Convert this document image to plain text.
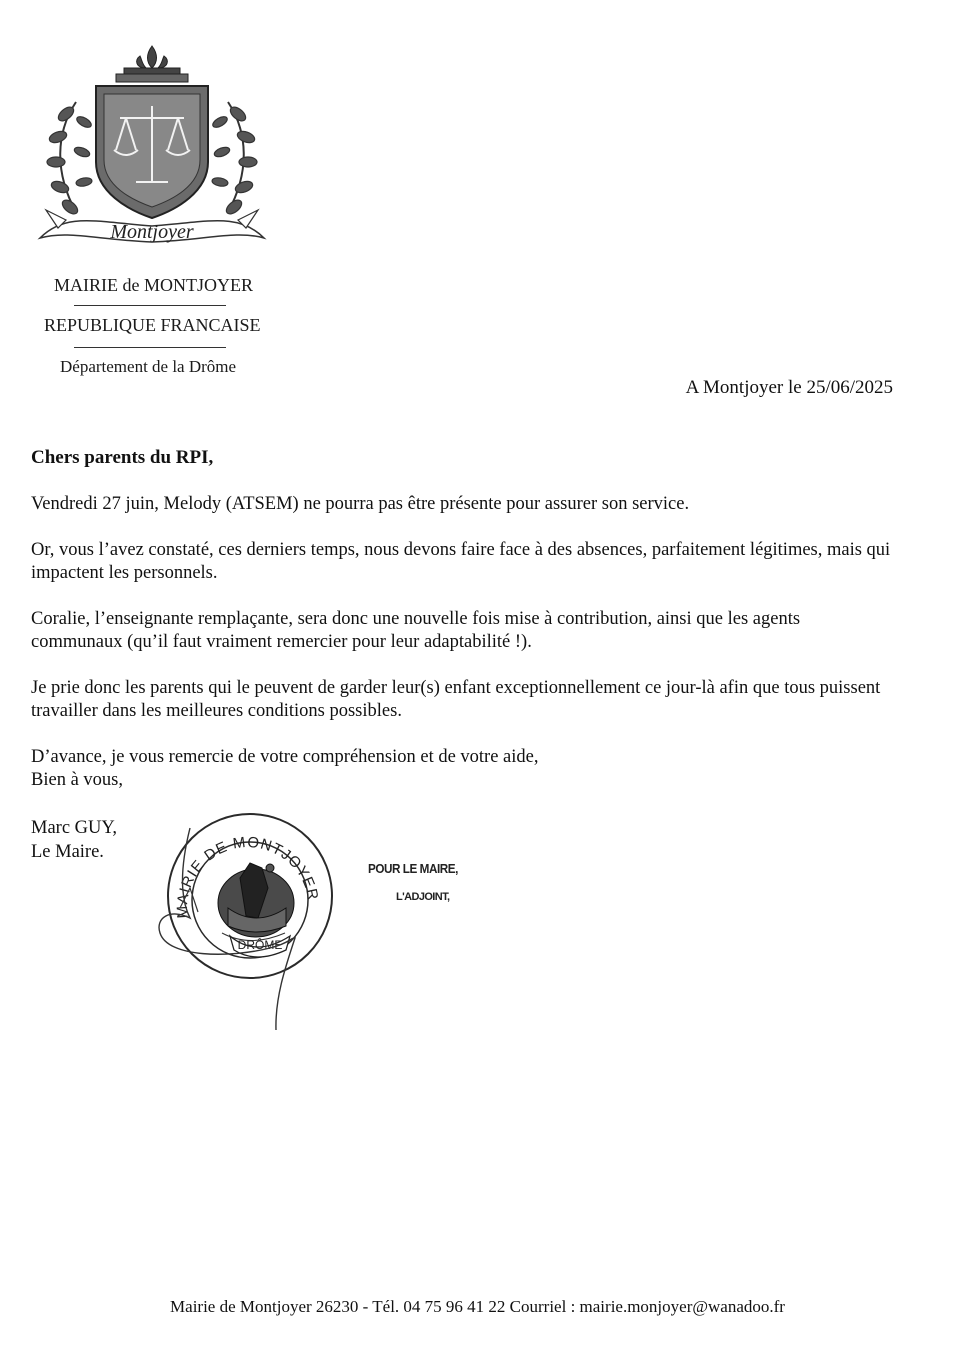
Montjoyer
MAIRIE de MONTJOYER
REPUBLIQUE FRANCAISE
Département de la Drôme
A Montjoyer le 25/06/2025
Chers parents du RPI,

Vendredi 27 juin, Melody (ATSEM) ne pourra pas être présente pour assurer son service.

Or, vous l’avez constaté, ces derniers temps, nous devons faire face à des absences, parfaitement légitimes, mais qui impactent les personnels.

Coralie, l’enseignante remplaçante, sera donc une nouvelle fois mise à contribution, ainsi que les agents communaux (qu’il faut vraiment remercier pour leur adaptabilité !).

Je prie donc les parents qui le peuvent de garder leur(s) enfant exceptionnellement ce jour-là afin que tous puissent travailler dans les meilleures conditions possibles.

D’avance, je vous remercie de votre compréhension et de votre aide,

Bien à vous,

Marc GUY,
Le Maire.
MAIRIE DE MONTJOYER
DRÔME
POUR LE MAIRE,
L'ADJOINT,
Mairie de Montjoyer 26230 - Tél. 04 75 96 41 22 Courriel : mairie.monjoyer@wanadoo.fr
